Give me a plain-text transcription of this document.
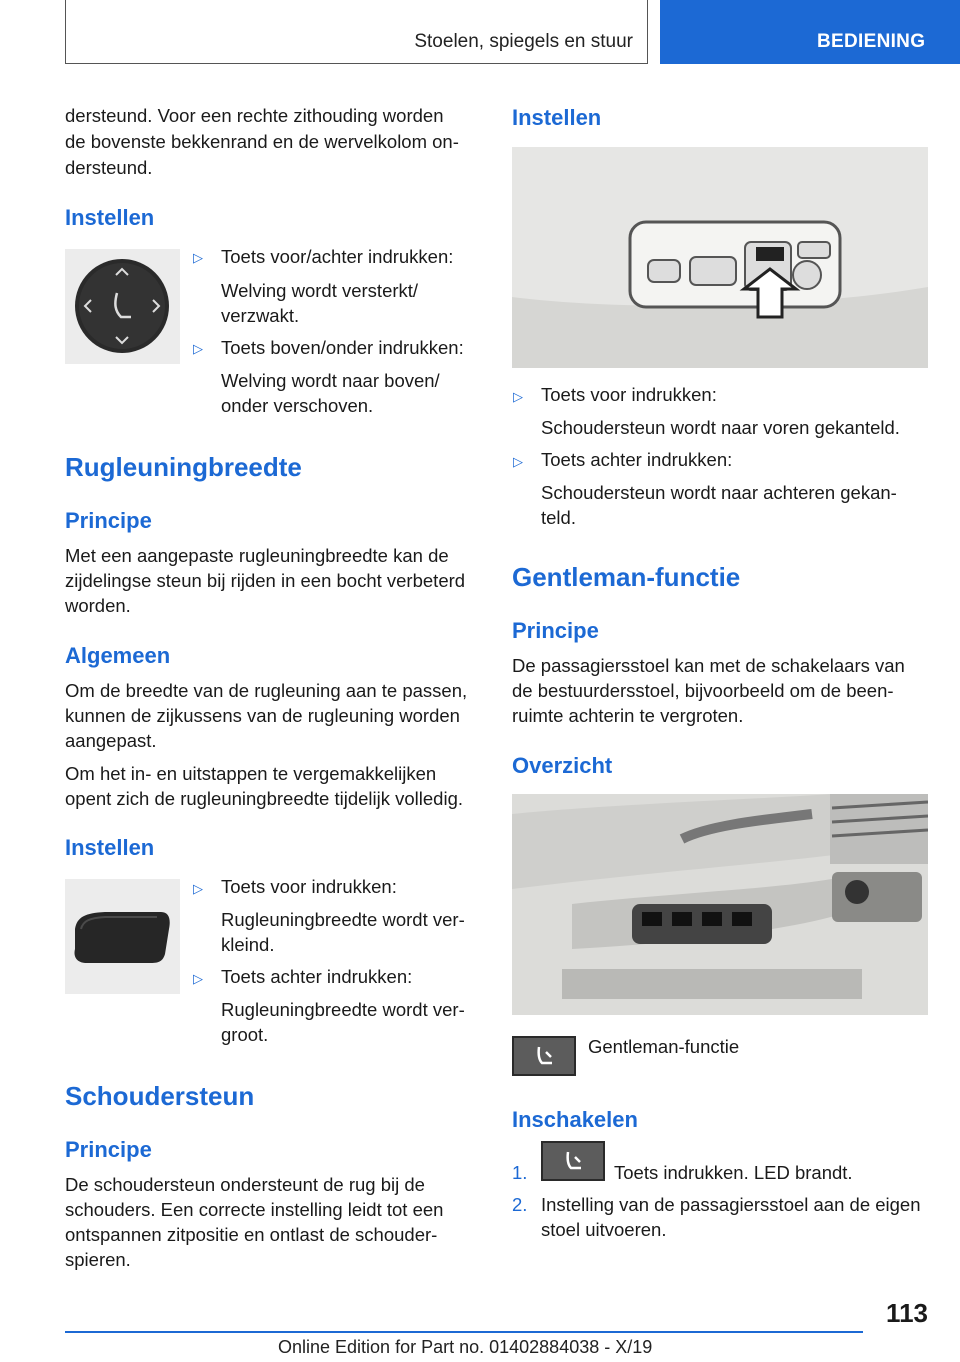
Stoelen, spiegels en stuur	BEDIENING

dersteund. Voor een rechte zithouding worden

de bovenste bekkenrand en de wervelkolom on-

dersteund.

Instellen
▷ Toets voor/achter indrukken:

Welving wordt versterkt/

verzwakt.

▷ Toets boven/onder indrukken:

Welving wordt naar boven/

onder verschoven.

Rugleuningbreedte
Principe

Met een aangepaste rugleuningbreedte kan de

zijdelingse steun bij rijden in een bocht verbeterd

worden.

Algemeen

Om de breedte van de rugleuning aan te passen,

kunnen de zijkussens van de rugleuning worden

aangepast.

Om het in- en uitstappen te vergemakkelijken

opent zich de rugleuningbreedte tijdelijk volledig.

Instellen
▷ Toets voor indrukken:

Rugleuningbreedte wordt ver-

kleind.

▷ Toets achter indrukken:

Rugleuningbreedte wordt ver-

groot.

Schoudersteun
Principe

De schoudersteun ondersteunt de rug bij de

schouders. Een correcte instelling leidt tot een

ontspannen zitpositie en ontlast de schouder-

spieren.

Instellen
▷ Toets voor indrukken:

Schoudersteun wordt naar voren gekanteld.

▷ Toets achter indrukken:

Schoudersteun wordt naar achteren gekan-

teld.

Gentleman-functie
Principe

De passagiersstoel kan met de schakelaars van

de bestuurdersstoel, bijvoorbeeld om de been-

ruimte achterin te vergroten.

Overzicht

Gentleman-functie

Inschakelen
1.	Toets indrukken. LED brandt.

2. Instelling van de passagiersstoel aan de eigen

stoel uitvoeren.

113
Online Edition for Part no. 01402884038 - X/19
